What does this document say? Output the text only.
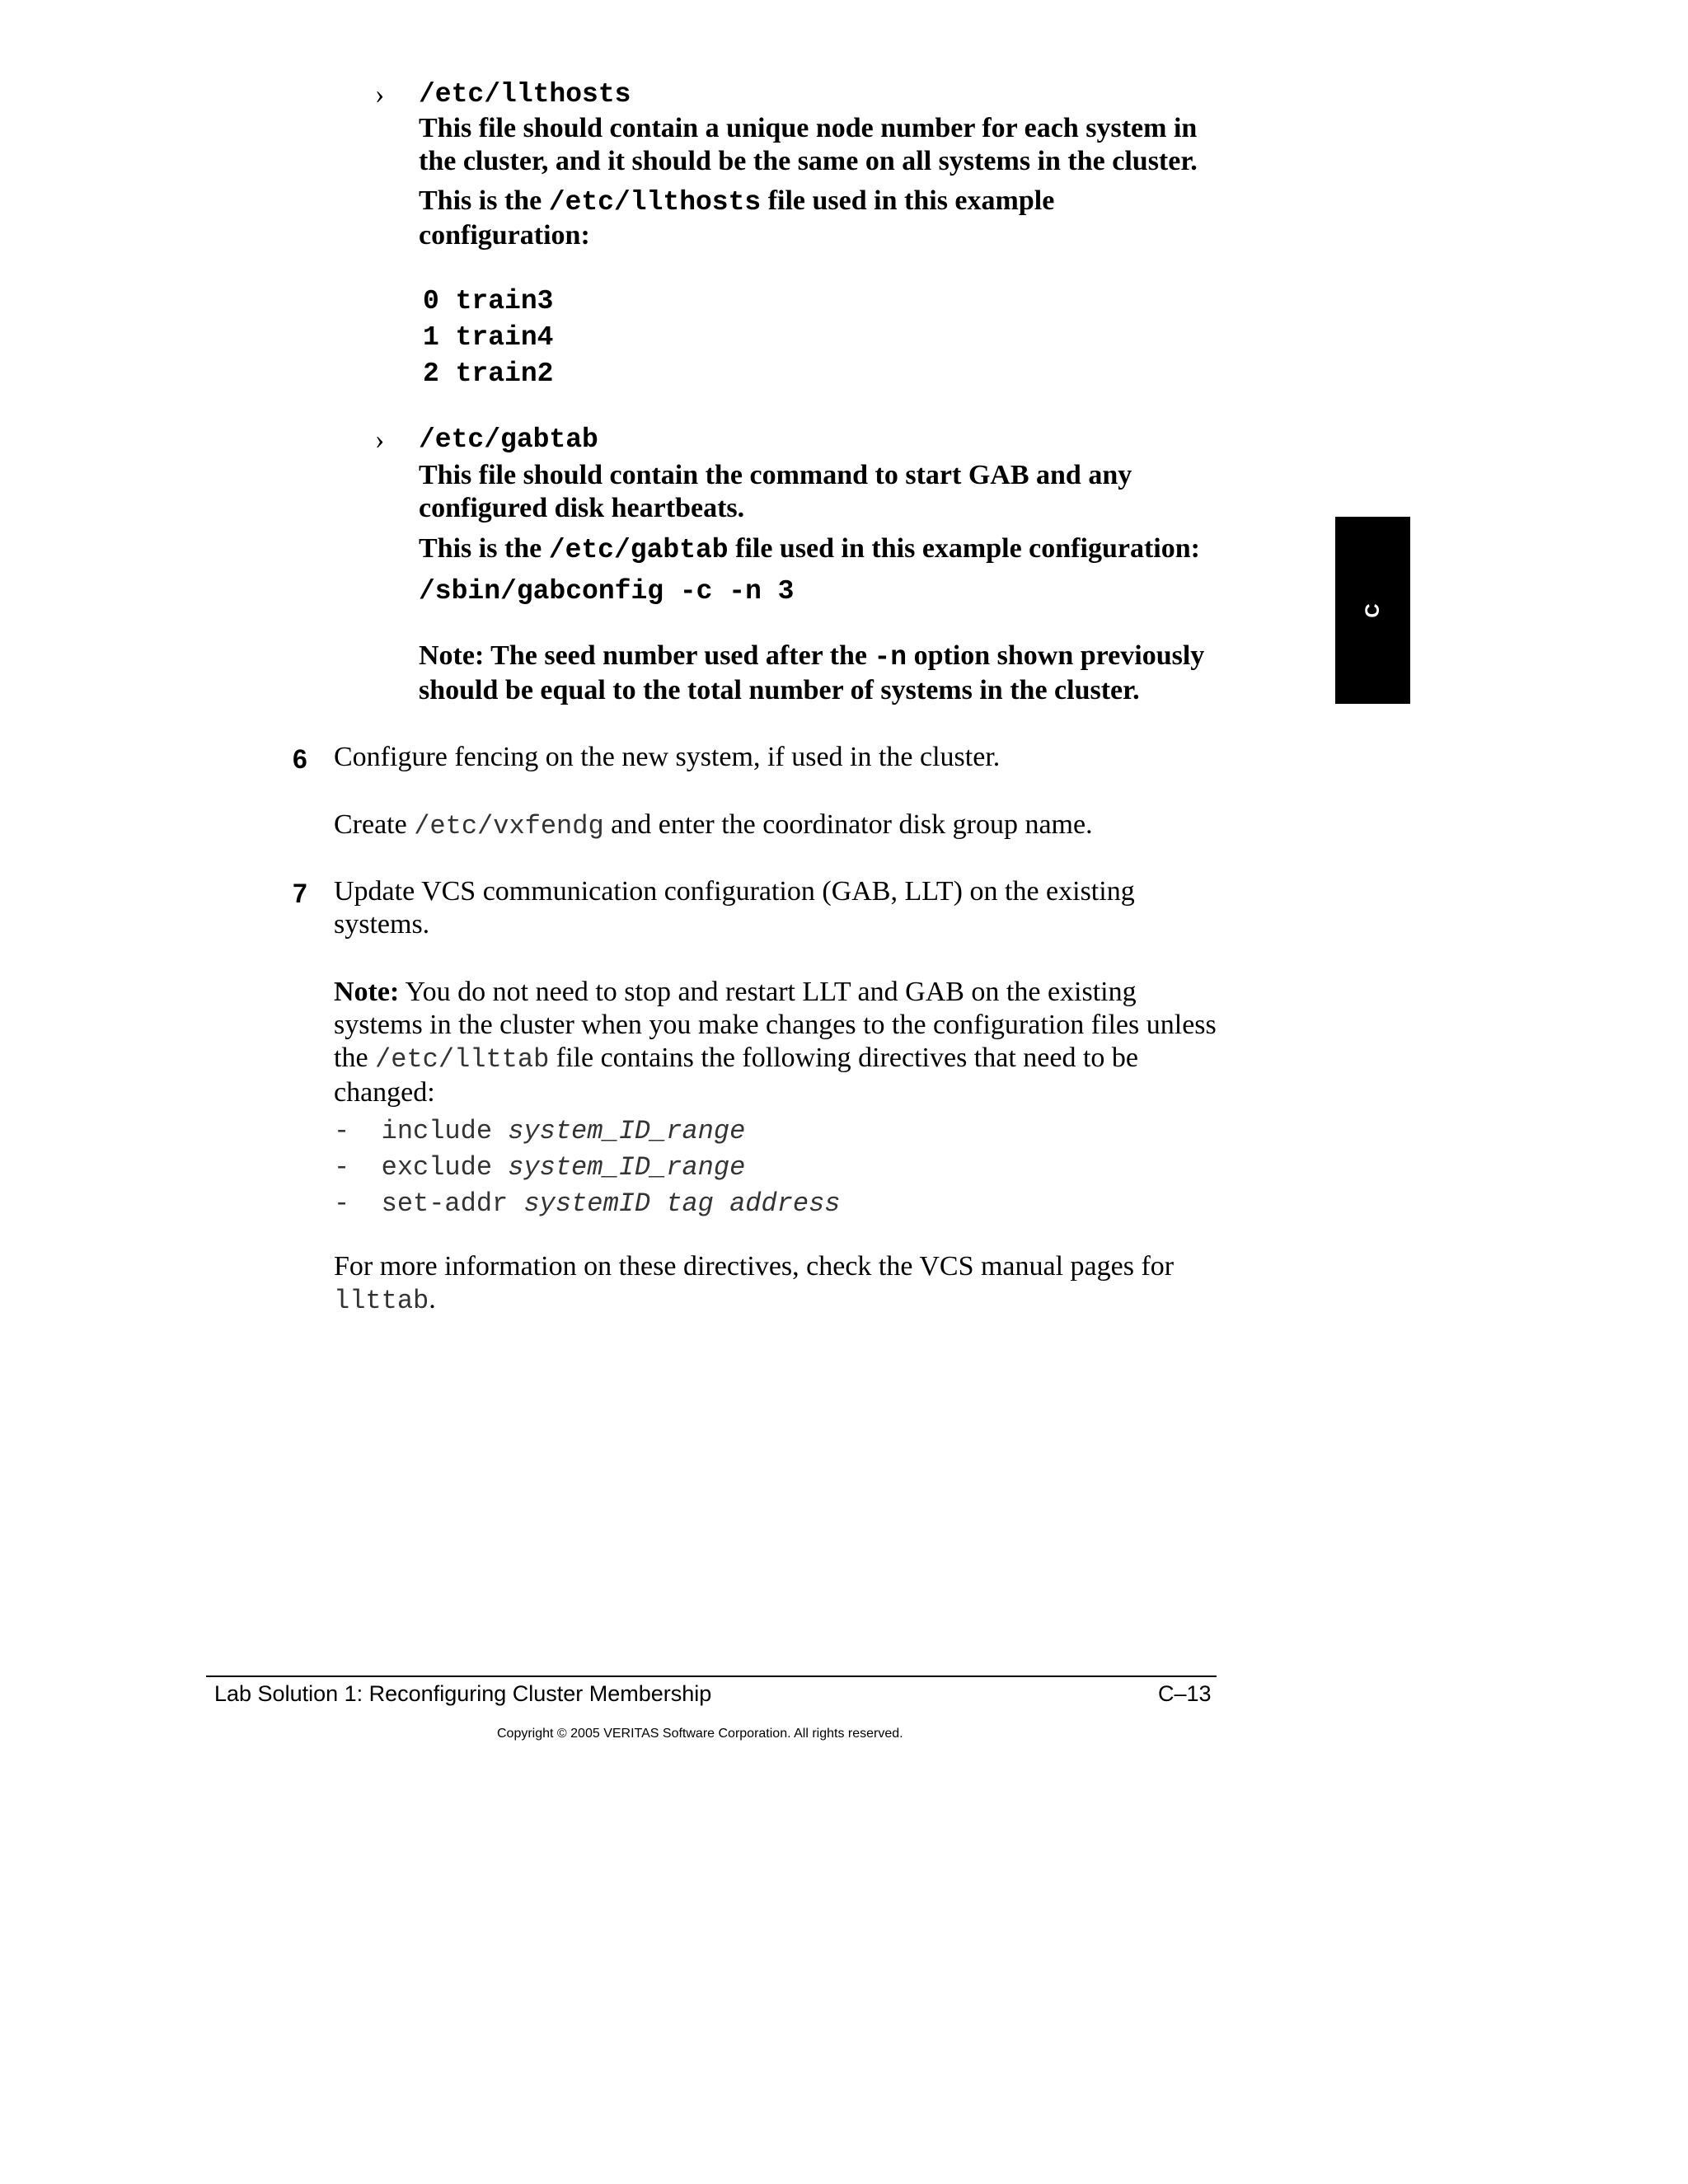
› /etc/llthosts

This file should contain a unique node number for each system in

the cluster, and it should be the same on all systems in the cluster.

This is the /etc/llthosts file used in this example

configuration:

0 train3
1 train4
2 train2
› /etc/gabtab

This file should contain the command to start GAB and any

configured disk heartbeats.

This is the /etc/gabtab file used in this example configuration:

/sbin/gabconfig -c -n 3

Note: The seed number used after the -n option shown previously

should be equal to the total number of systems in the cluster.

C
6 Configure fencing on the new system, if used in the cluster.

Create /etc/vxfendg and enter the coordinator disk group name.

7 Update VCS communication configuration (GAB, LLT) on the existing

systems.

Note: You do not need to stop and restart LLT and GAB on the existing

systems in the cluster when you make changes to the configuration files unless

the /etc/llttab file contains the following directives that need to be

changed:

- include system_ID_range
- exclude system_ID_range
- set-addr systemID tag address

For more information on these directives, check the VCS manual pages for

llttab.

Lab Solution 1: Reconfiguring Cluster Membership	C–13
Copyright © 2005 VERITAS Software Corporation. All rights reserved.
